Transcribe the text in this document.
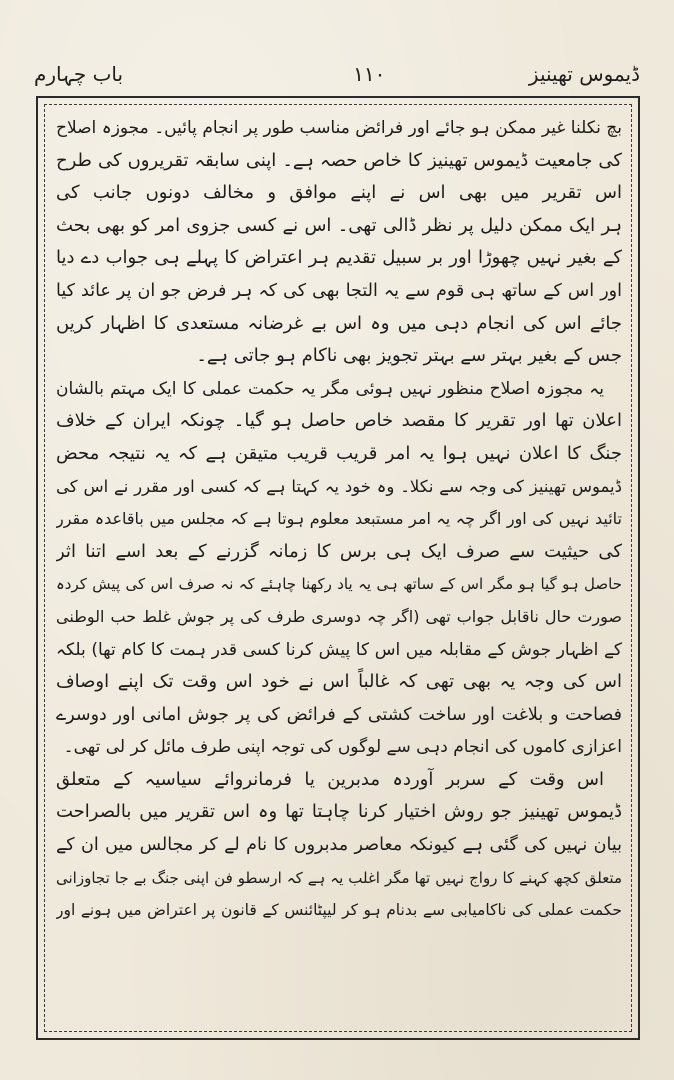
ڈیموس تھینیز
۱۱۰
باب چہارم
بچ نکلنا غیر ممکن ہو جائے اور فرائض مناسب طور پر انجام پائیں۔ مجوزہ اصلاح
کی جامعیت ڈیموس تھینیز کا خاص حصہ ہے۔ اپنی سابقہ تقریروں کی طرح
اس تقریر میں بھی اس نے اپنے موافق و مخالف دونوں جانب کی
ہر ایک ممکن دلیل پر نظر ڈالی تھی۔ اس نے کسی جزوی امر کو بھی بحث
کے بغیر نہیں چھوڑا اور بر سبیل تقدیم ہر اعتراض کا پہلے ہی جواب دے دیا
اور اس کے ساتھ ہی قوم سے یہ التجا بھی کی کہ ہر فرض جو ان پر عائد کیا
جائے اس کی انجام دہی میں وہ اس بے غرضانہ مستعدی کا اظہار کریں
جس کے بغیر بہتر سے بہتر تجویز بھی ناکام ہو جاتی ہے۔
یہ مجوزہ اصلاح منظور نہیں ہوئی مگر یہ حکمت عملی کا ایک مہتم بالشان
اعلان تھا اور تقریر کا مقصد خاص حاصل ہو گیا۔ چونکہ ایران کے خلاف
جنگ کا اعلان نہیں ہوا یہ امر قریب قریب متیقن ہے کہ یہ نتیجہ محض
ڈیموس تھینیز کی وجہ سے نکلا۔ وہ خود یہ کہتا ہے کہ کسی اور مقرر نے اس کی
تائید نہیں کی اور اگر چہ یہ امر مستبعد معلوم ہوتا ہے کہ مجلس میں باقاعدہ مقرر
کی حیثیت سے صرف ایک ہی برس کا زمانہ گزرنے کے بعد اسے اتنا اثر
حاصل ہو گیا ہو مگر اس کے ساتھ ہی یہ یاد رکھنا چاہئے کہ نہ صرف اس کی پیش کردہ
صورت حال ناقابل جواب تھی (اگر چہ دوسری طرف کی پر جوش غلط حب الوطنی
کے اظہار جوش کے مقابلہ میں اس کا پیش کرنا کسی قدر ہمت کا کام تھا) بلکہ
اس کی وجہ یہ بھی تھی کہ غالباً اس نے خود اس وقت تک اپنے اوصاف
فصاحت و بلاغت اور ساخت کشتی کے فرائض کی پر جوش امانی اور دوسرے
اعزازی کاموں کی انجام دہی سے لوگوں کی توجہ اپنی طرف مائل کر لی تھی۔
اس وقت کے سربر آوردہ مدبرین یا فرمانروائے سیاسیہ کے متعلق
ڈیموس تھینیز جو روش اختیار کرنا چاہتا تھا وہ اس تقریر میں بالصراحت
بیان نہیں کی گئی ہے کیونکہ معاصر مدبروں کا نام لے کر مجالس میں ان کے
متعلق کچھ کہنے کا رواج نہیں تھا مگر اغلب یہ ہے کہ ارسطو فن اپنی جنگ بے جا تجاوزانی
حکمت عملی کی ناکامیابی سے بدنام ہو کر لیپٹائنس کے قانون پر اعتراض میں ہونے اور
